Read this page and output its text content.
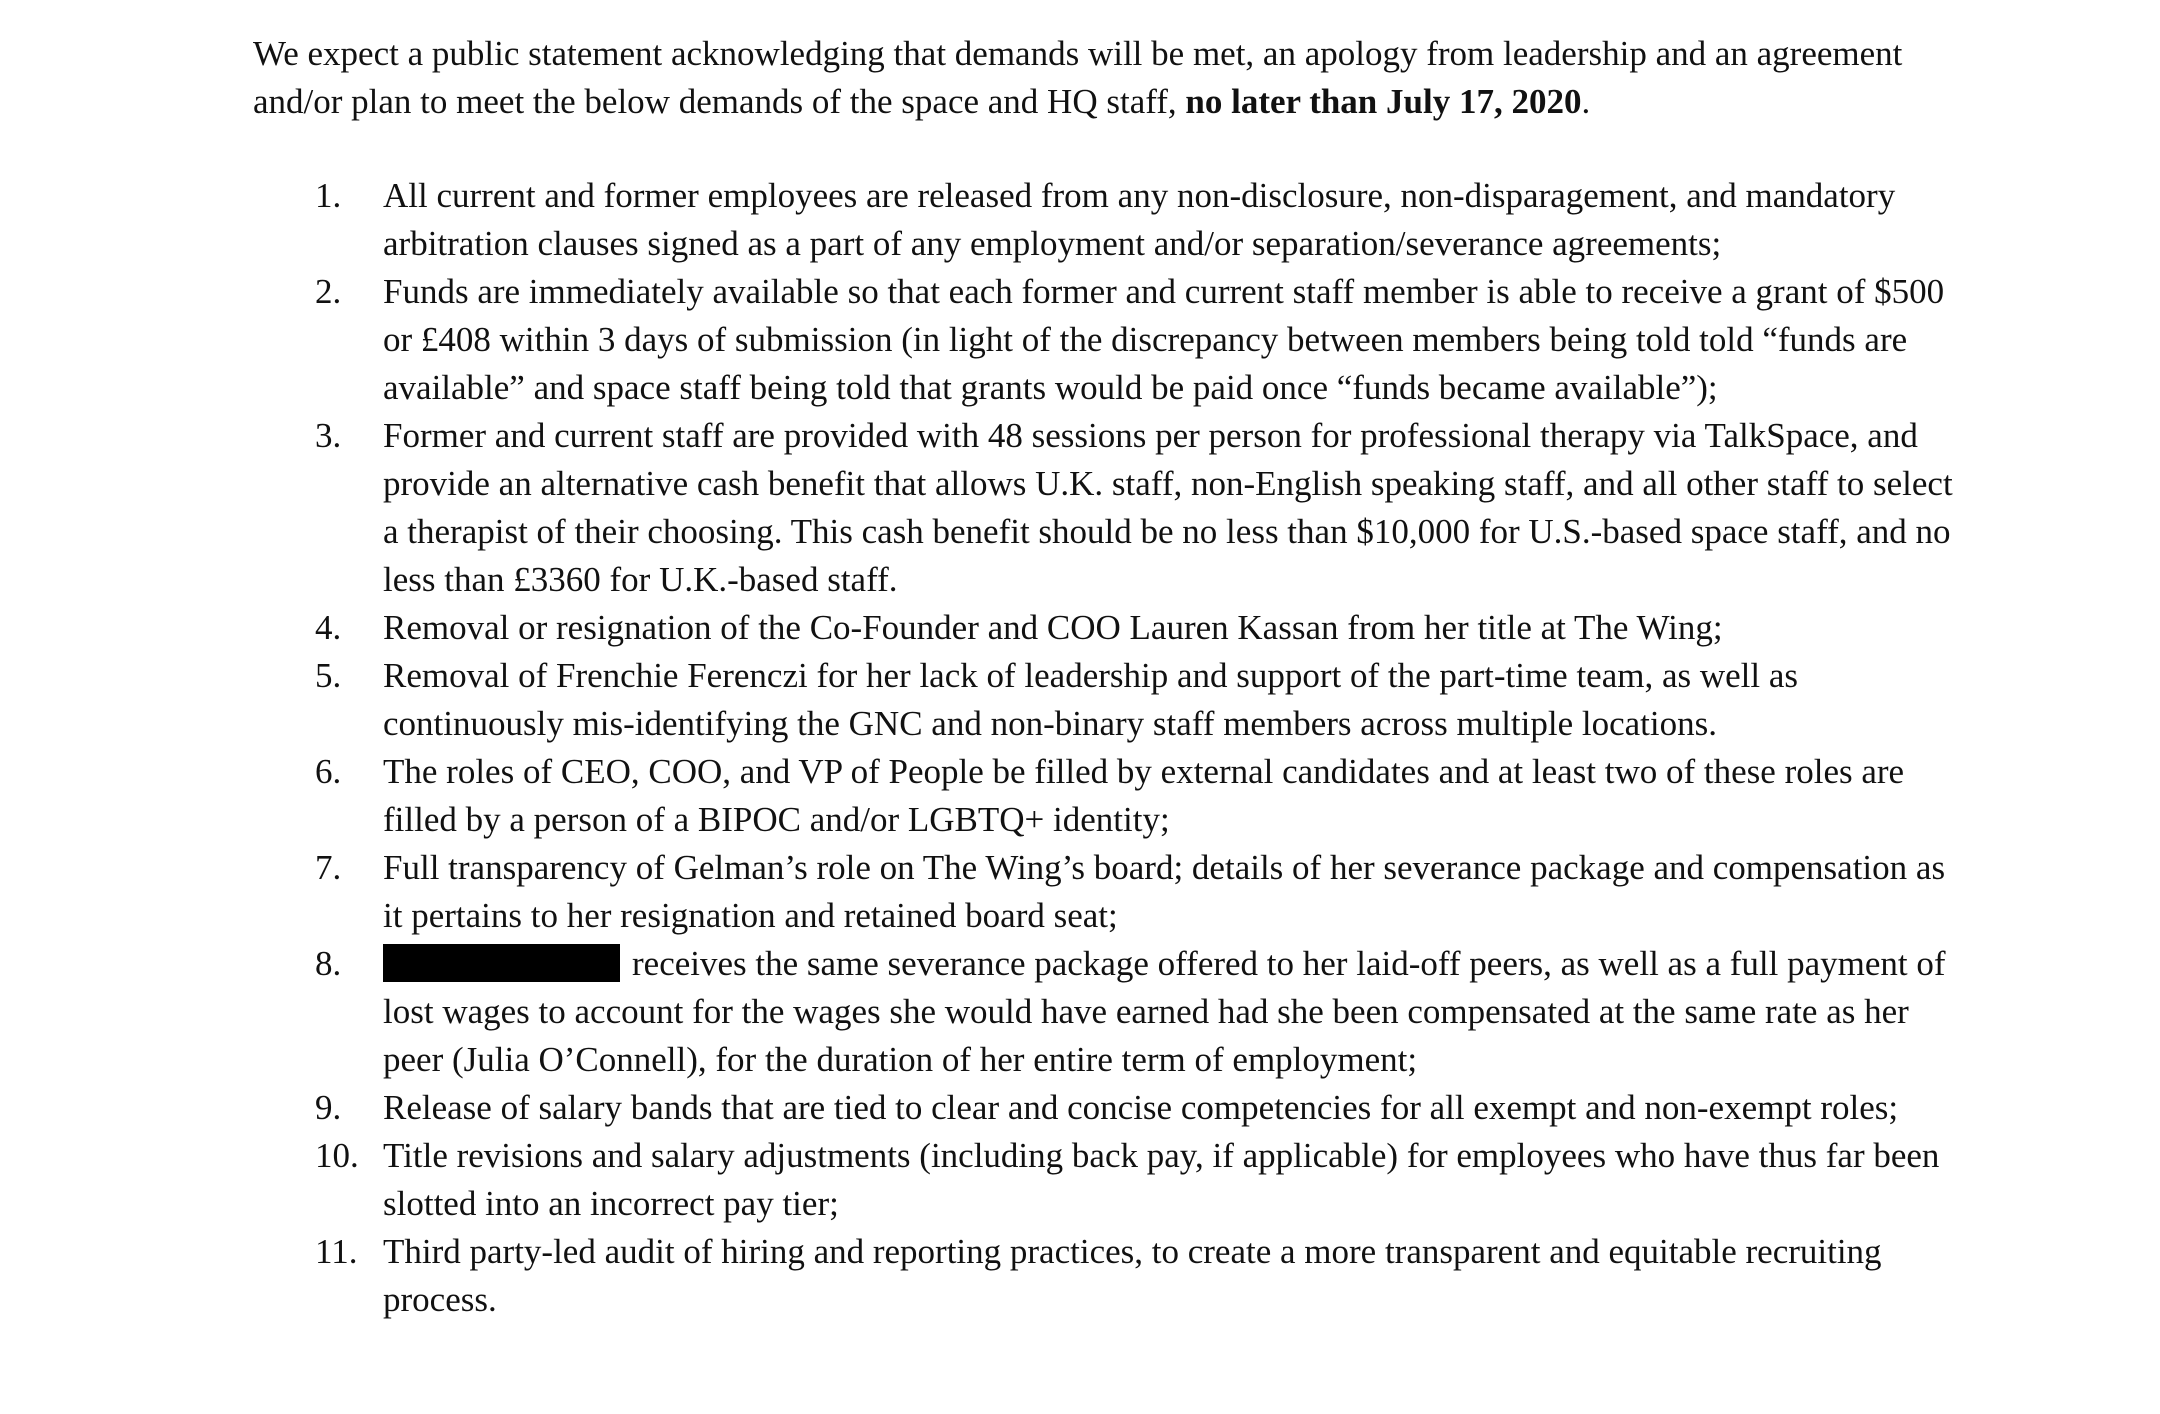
We expect a public statement acknowledging that demands will be met, an apology from leadership and an agreement and/or plan to meet the below demands of the space and HQ staff, no later than July 17, 2020.

1. All current and former employees are released from any non-disclosure, non-disparagement, and mandatory arbitration clauses signed as a part of any employment and/or separation/severance agreements;
2. Funds are immediately available so that each former and current staff member is able to receive a grant of $500 or £408 within 3 days of submission (in light of the discrepancy between members being told told “funds are available” and space staff being told that grants would be paid once “funds became available”);
3. Former and current staff are provided with 48 sessions per person for professional therapy via TalkSpace, and provide an alternative cash benefit that allows U.K. staff, non-English speaking staff, and all other staff to select a therapist of their choosing. This cash benefit should be no less than $10,000 for U.S.-based space staff, and no less than £3360 for U.K.-based staff.
4. Removal or resignation of the Co-Founder and COO Lauren Kassan from her title at The Wing;
5. Removal of Frenchie Ferenczi for her lack of leadership and support of the part-time team, as well as continuously mis-identifying the GNC and non-binary staff members across multiple locations.
6. The roles of CEO, COO, and VP of People be filled by external candidates and at least two of these roles are filled by a person of a BIPOC and/or LGBTQ+ identity;
7. Full transparency of Gelman’s role on The Wing’s board; details of her severance package and compensation as it pertains to her resignation and retained board seat;
8.	receives the same severance package offered to her laid-off peers, as well as a full payment of lost wages to account for the wages she would have earned had she been compensated at the same rate as her peer (Julia O’Connell), for the duration of her entire term of employment;
9. Release of salary bands that are tied to clear and concise competencies for all exempt and non-exempt roles;
10. Title revisions and salary adjustments (including back pay, if applicable) for employees who have thus far been slotted into an incorrect pay tier;
11. Third party-led audit of hiring and reporting practices, to create a more transparent and equitable recruiting process.
